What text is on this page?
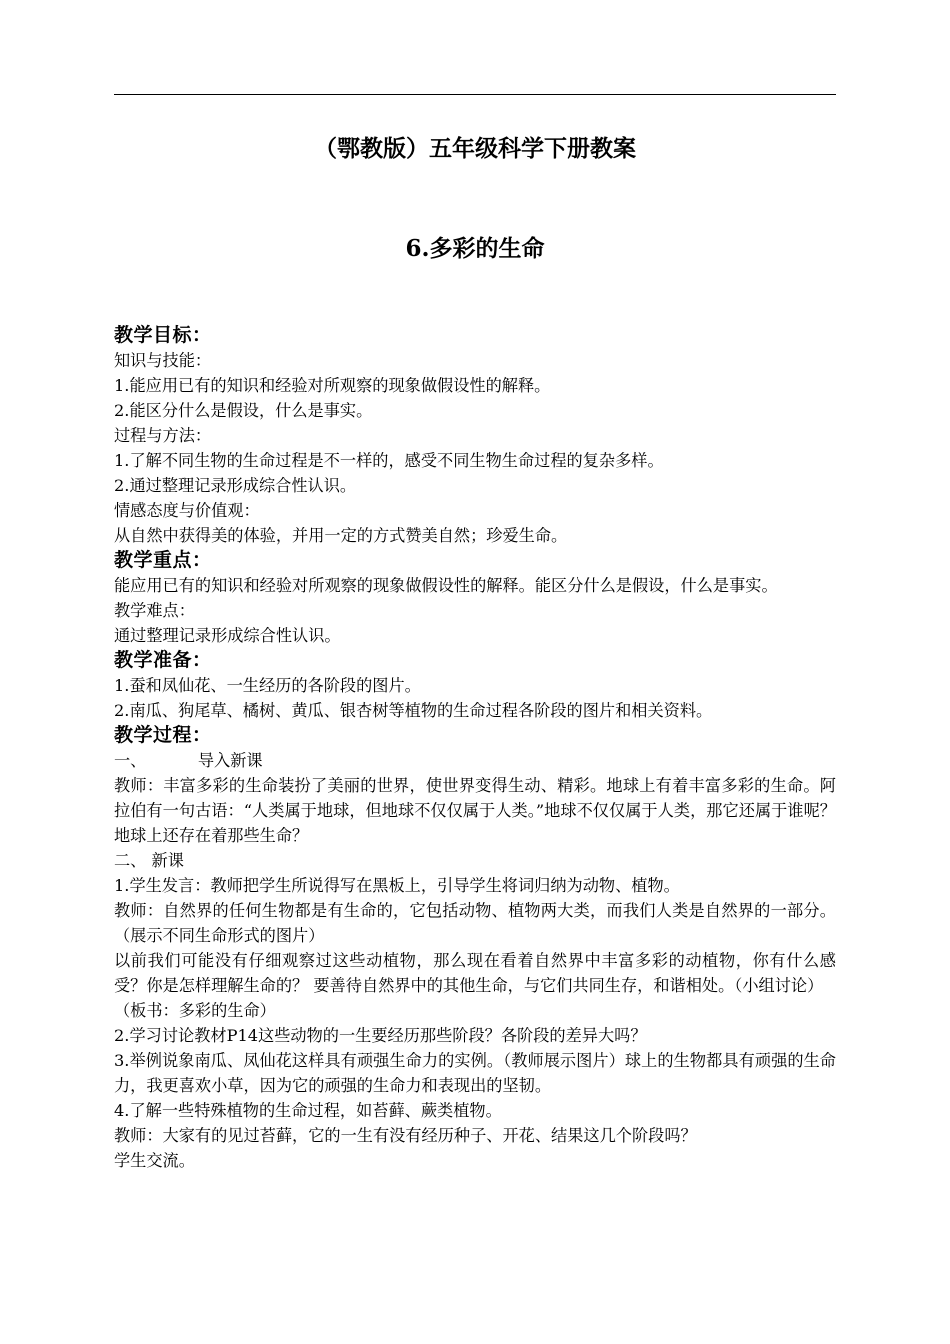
（鄂教版）五年级科学下册教案
6.多彩的生命

教学目标：

知识与技能：

1.能应用已有的知识和经验对所观察的现象做假设性的解释。

2.能区分什么是假设，什么是事实。

过程与方法：

1.了解不同生物的生命过程是不一样的，感受不同生物生命过程的复杂多样。

2.通过整理记录形成综合性认识。

情感态度与价值观：

从自然中获得美的体验，并用一定的方式赞美自然；珍爱生命。

教学重点：

能应用已有的知识和经验对所观察的现象做假设性的解释。能区分什么是假设，什么是事实。

教学难点：

通过整理记录形成综合性认识。

教学准备：

1.蚕和凤仙花、一生经历的各阶段的图片。

2.南瓜、狗尾草、橘树、黄瓜、银杏树等植物的生命过程各阶段的图片和相关资料。

教学过程：

一、          导入新课

教师：丰富多彩的生命装扮了美丽的世界，使世界变得生动、精彩。地球上有着丰富多彩的生命。阿拉伯有一句古语：“人类属于地球，但地球不仅仅属于人类。”地球不仅仅属于人类，那它还属于谁呢？地球上还存在着那些生命？

二、 新课

1.学生发言：教师把学生所说得写在黑板上，引导学生将词归纳为动物、植物。

教师：自然界的任何生物都是有生命的，它包括动物、植物两大类，而我们人类是自然界的一部分。（展示不同生命形式的图片）

以前我们可能没有仔细观察过这些动植物，那么现在看着自然界中丰富多彩的动植物，你有什么感受？你是怎样理解生命的？ 要善待自然界中的其他生命，与它们共同生存，和谐相处。（小组讨论）

（板书：多彩的生命）

2.学习讨论教材P14这些动物的一生要经历那些阶段？各阶段的差异大吗？

3.举例说象南瓜、凤仙花这样具有顽强生命力的实例。（教师展示图片）球上的生物都具有顽强的生命力，我更喜欢小草，因为它的顽强的生命力和表现出的坚韧。

4.了解一些特殊植物的生命过程，如苔藓、蕨类植物。

教师：大家有的见过苔藓，它的一生有没有经历种子、开花、结果这几个阶段吗？

学生交流。
